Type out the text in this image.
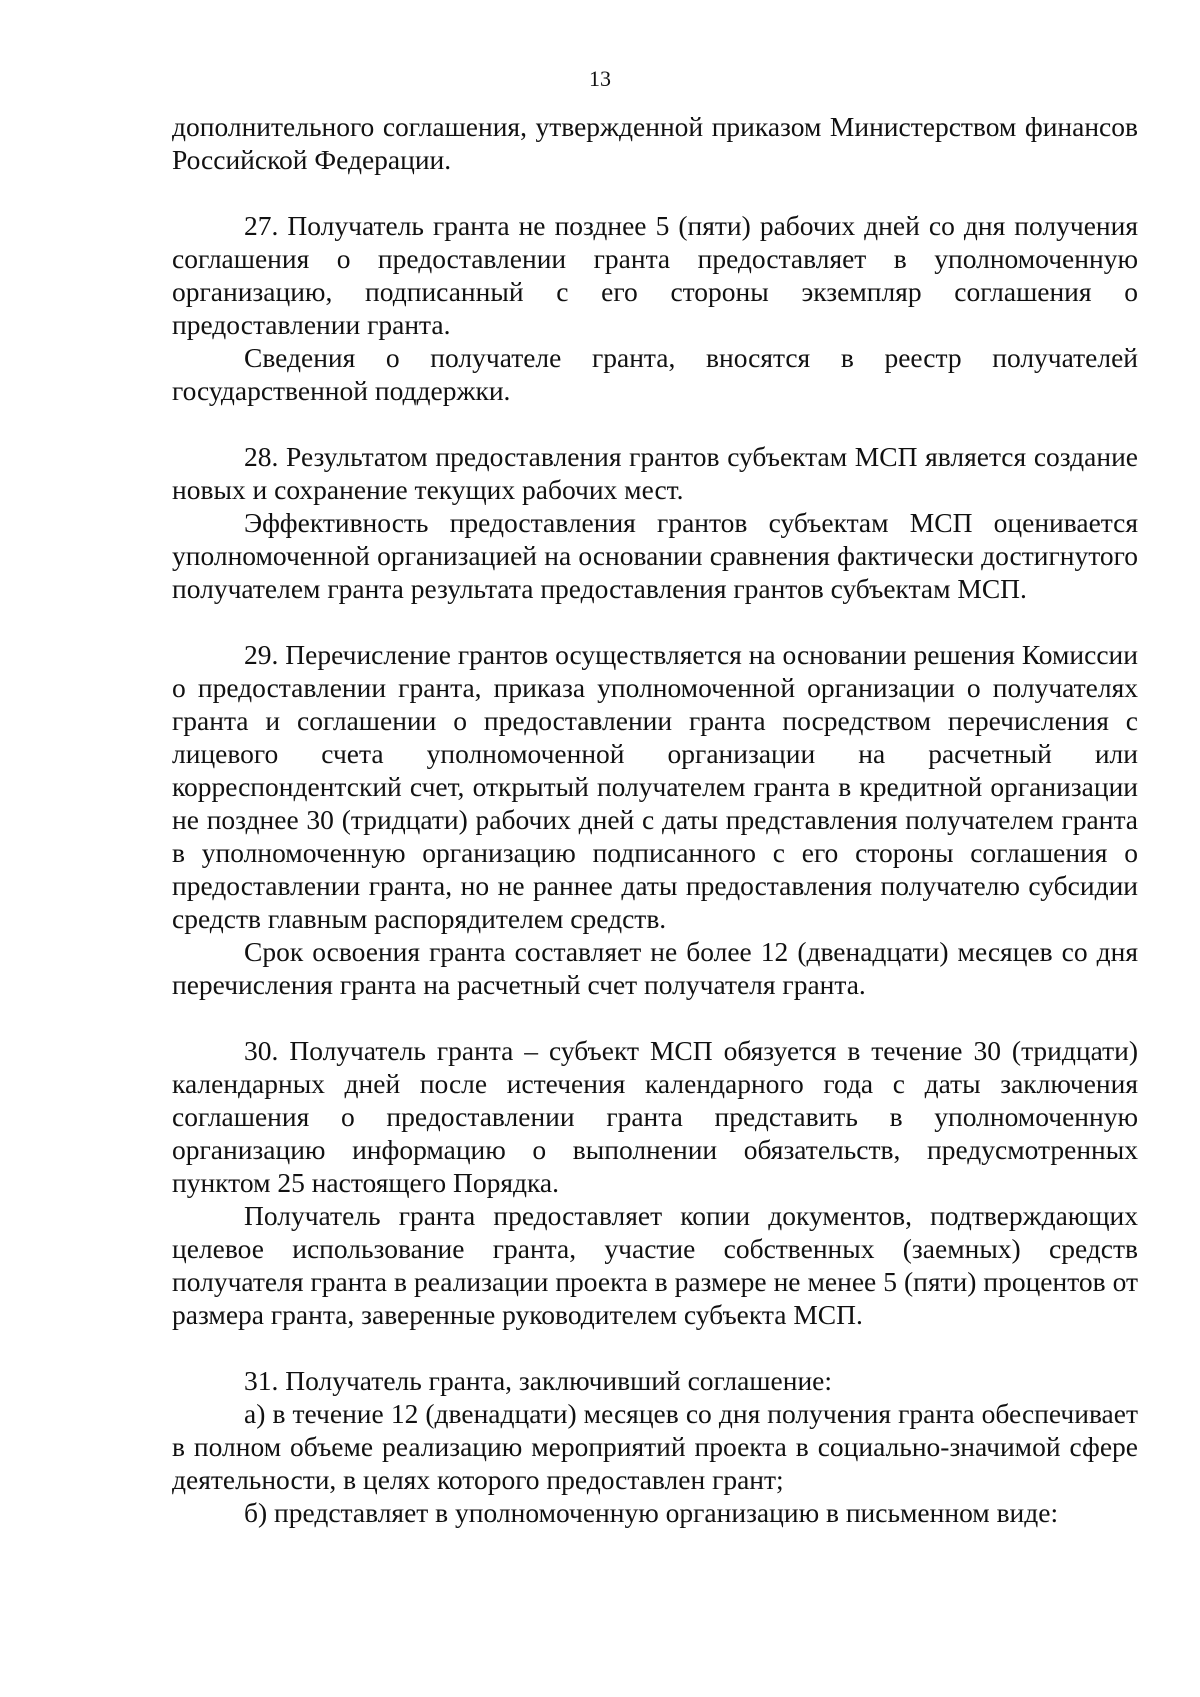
13

дополнительного соглашения, утвержденной приказом Министерством финансов Российской Федерации.

27. Получатель гранта не позднее 5 (пяти) рабочих дней со дня получения соглашения о предоставлении гранта предоставляет в уполномоченную организацию, подписанный с его стороны экземпляр соглашения о предоставлении гранта.

Сведения о получателе гранта, вносятся в реестр получателей государственной поддержки.

28. Результатом предоставления грантов субъектам МСП является создание новых и сохранение текущих рабочих мест.

Эффективность предоставления грантов субъектам МСП оценивается уполномоченной организацией на основании сравнения фактически достигнутого получателем гранта результата предоставления грантов субъектам МСП.

29. Перечисление грантов осуществляется на основании решения Комиссии о предоставлении гранта, приказа уполномоченной организации о получателях гранта и соглашении о предоставлении гранта посредством перечисления с лицевого счета уполномоченной организации на расчетный или корреспондентский счет, открытый получателем гранта в кредитной организации не позднее 30 (тридцати) рабочих дней с даты представления получателем гранта в уполномоченную организацию подписанного с его стороны соглашения о предоставлении гранта, но не раннее даты предоставления получателю субсидии средств главным распорядителем средств.

Срок освоения гранта составляет не более 12 (двенадцати) месяцев со дня перечисления гранта на расчетный счет получателя гранта.

30. Получатель гранта – субъект МСП обязуется в течение 30 (тридцати) календарных дней после истечения календарного года с даты заключения соглашения о предоставлении гранта представить в уполномоченную организацию информацию о выполнении обязательств, предусмотренных пунктом 25 настоящего Порядка.

Получатель гранта предоставляет копии документов, подтверждающих целевое использование гранта, участие собственных (заемных) средств получателя гранта в реализации проекта в размере не менее 5 (пяти) процентов от размера гранта, заверенные руководителем субъекта МСП.

31. Получатель гранта, заключивший соглашение:

а) в течение 12 (двенадцати) месяцев со дня получения гранта обеспечивает в полном объеме реализацию мероприятий проекта в социально-значимой сфере деятельности, в целях которого предоставлен грант;

б) представляет в уполномоченную организацию в письменном виде:
